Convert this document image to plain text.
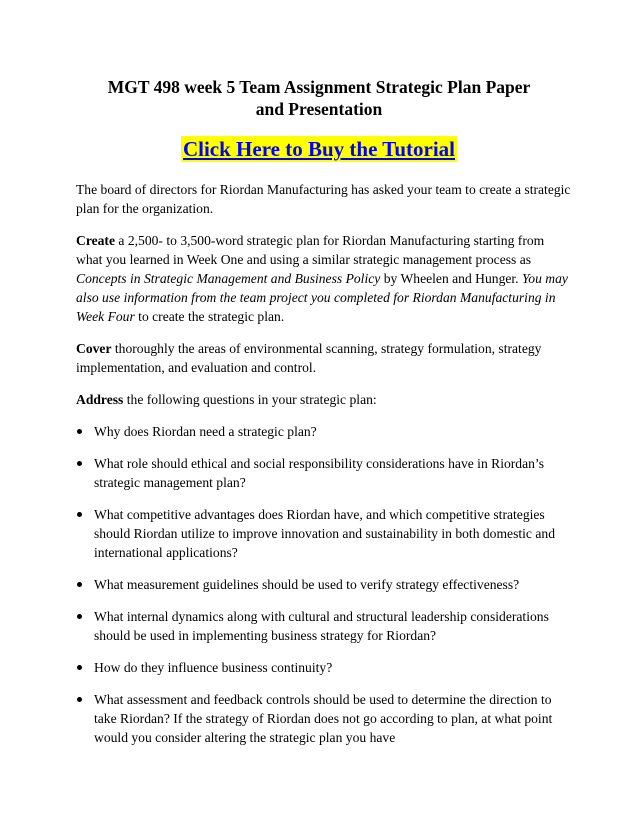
MGT 498 week 5 Team Assignment Strategic Plan Paper
and Presentation
Click Here to Buy the Tutorial

The board of directors for Riordan Manufacturing has asked your team to create a strategic plan for the organization.

Create a 2,500- to 3,500-word strategic plan for Riordan Manufacturing starting from what you learned in Week One and using a similar strategic management process as Concepts in Strategic Management and Business Policy by Wheelen and Hunger. You may also use information from the team project you completed for Riordan Manufacturing in Week Four to create the strategic plan.

Cover thoroughly the areas of environmental scanning, strategy formulation, strategy implementation, and evaluation and control.

Address the following questions in your strategic plan:

Why does Riordan need a strategic plan?
What role should ethical and social responsibility considerations have in Riordan’s strategic management plan?
What competitive advantages does Riordan have, and which competitive strategies should Riordan utilize to improve innovation and sustainability in both domestic and international applications?
What measurement guidelines should be used to verify strategy effectiveness?
What internal dynamics along with cultural and structural leadership considerations should be used in implementing business strategy for Riordan?
How do they influence business continuity?
What assessment and feedback controls should be used to determine the direction to take Riordan? If the strategy of Riordan does not go according to plan, at what point would you consider altering the strategic plan you have
